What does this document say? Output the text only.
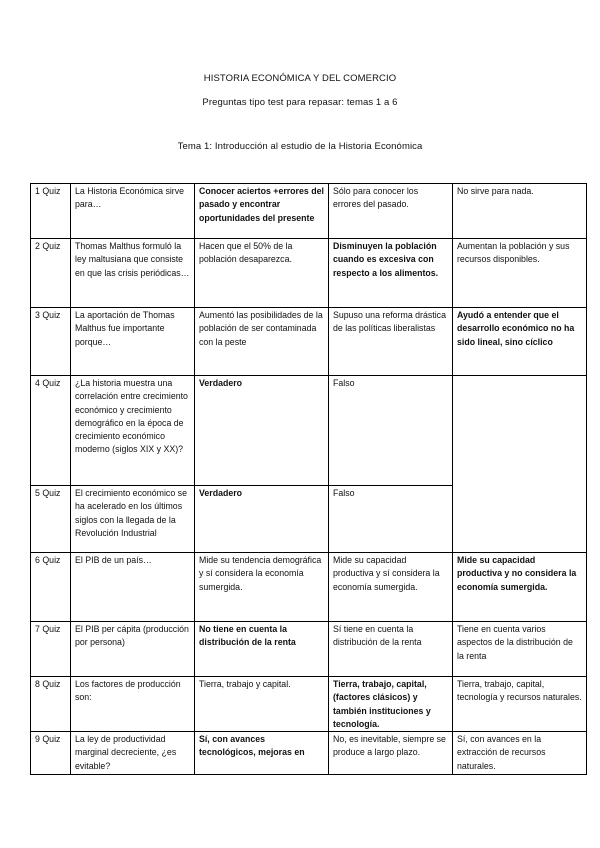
HISTORIA ECONÓMICA Y DEL COMERCIO
Preguntas tipo test para repasar: temas 1 a 6
Tema 1: Introducción al estudio de la Historia Económica
1 Quiz	La Historia Económica sirve para…	Conocer aciertos +errores del pasado y encontrar oportunidades del presente	Sólo para conocer los errores del pasado.	No sirve para nada.
2 Quiz	Thomas Malthus formuló la ley maltusiana que consiste en que las crisis periódicas…	Hacen que el 50% de la población desaparezca.	Disminuyen la población cuando es excesiva con respecto a los alimentos.	Aumentan la población y sus recursos disponibles.
3 Quiz	La aportación de Thomas Malthus fue importante porque…	Aumentó las posibilidades de la población de ser contaminada con la peste	Supuso una reforma drástica de las políticas liberalistas	Ayudó a entender que el desarrollo económico no ha sido lineal, sino cíclico
4 Quiz	¿La historia muestra una correlación entre crecimiento económico y crecimiento demográfico en la época de crecimiento económico moderno (siglos XIX y XX)?	Verdadero	Falso	
5 Quiz	El crecimiento económico se ha acelerado en los últimos siglos con la llegada de la Revolución Industrial	Verdadero	Falso	
6 Quiz	El PIB de un país…	Mide su tendencia demográfica y sí considera la economía sumergida.	Mide su capacidad productiva y sí considera la economía sumergida.	Mide su capacidad productiva y no considera la economía sumergida.
7 Quiz	El PIB per cápita (producción por persona)	No tiene en cuenta la distribución de la renta	Sí tiene en cuenta la distribución de la renta	Tiene en cuenta varios aspectos de la distribución de la renta
8 Quiz	Los factores de producción son:	Tierra, trabajo y capital.	Tierra, trabajo, capital, (factores clásicos) y también instituciones y tecnología.	Tierra, trabajo, capital, tecnología y recursos naturales.
9 Quiz	La ley de productividad marginal decreciente, ¿es evitable?	Sí, con avances tecnológicos, mejoras en	No, es inevitable, siempre se produce a largo plazo.	Sí, con avances en la extracción de recursos naturales.
